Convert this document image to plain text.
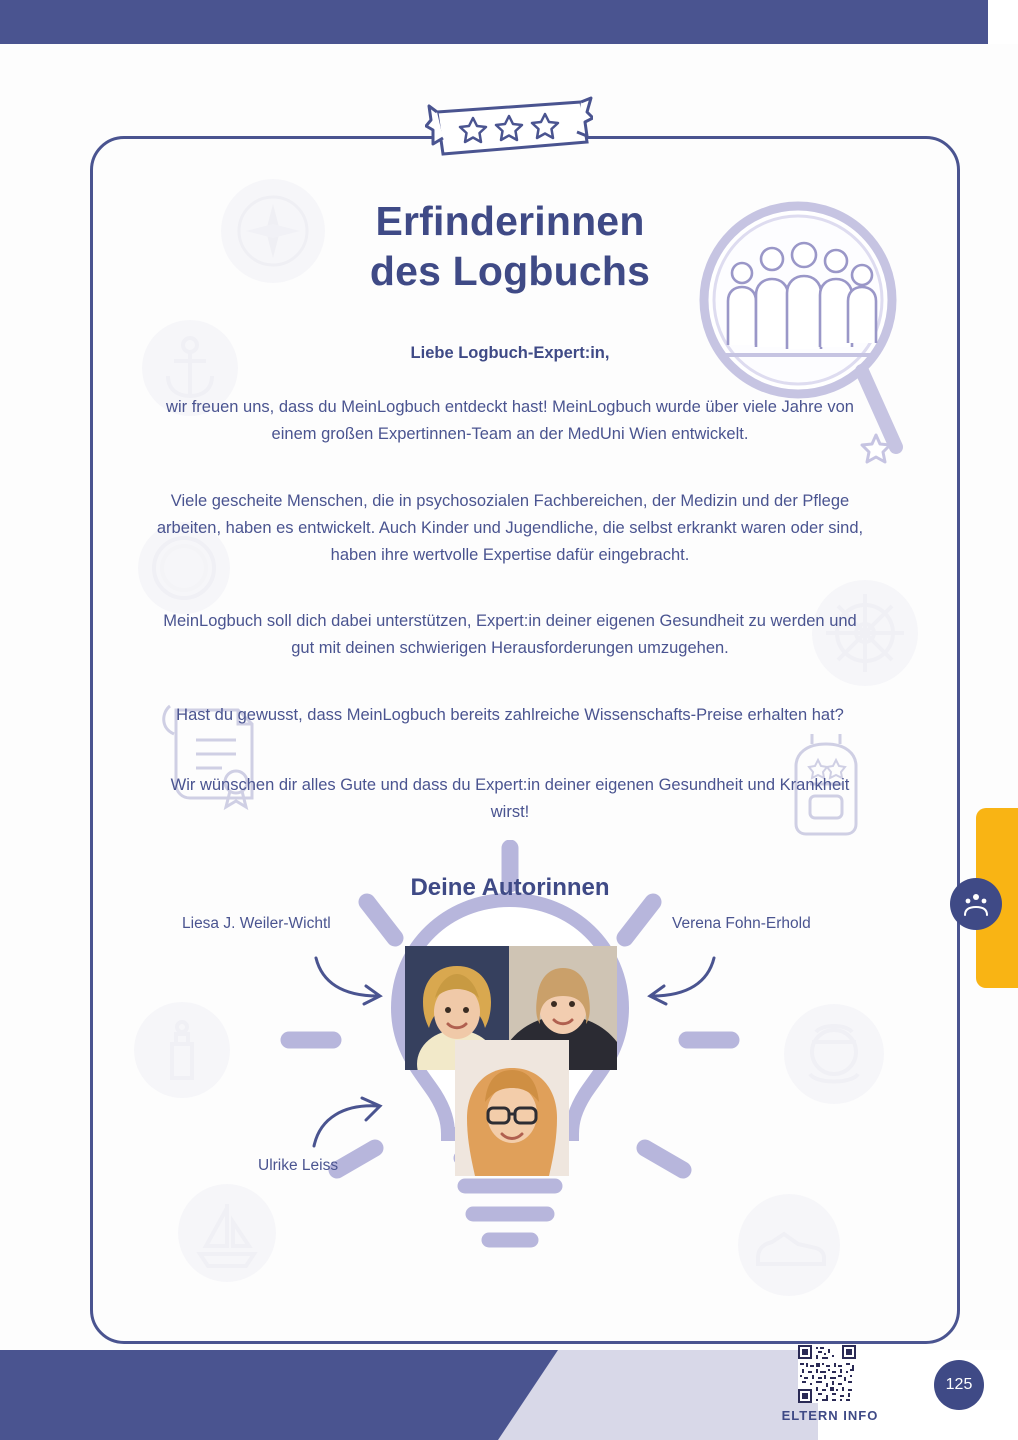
Erfinderinnen
des Logbuchs
Liebe Logbuch-Expert:in,
wir freuen uns, dass du MeinLogbuch entdeckt hast! MeinLogbuch wurde über viele Jahre von einem großen Expertinnen-Team an der MedUni Wien entwickelt.
Viele gescheite Menschen, die in psychosozialen Fachbereichen, der Medizin und der Pflege arbeiten, haben es entwickelt. Auch Kinder und Jugendliche, die selbst erkrankt waren oder sind, haben ihre wertvolle Expertise dafür eingebracht.
MeinLogbuch soll dich dabei unterstützen, Expert:in deiner eigenen Gesundheit zu werden und gut mit deinen schwierigen Herausforderungen umzugehen.
Hast du gewusst, dass MeinLogbuch bereits zahlreiche Wissenschafts-Preise erhalten hat?
Wir wünschen dir alles Gute und dass du Expert:in deiner eigenen Gesundheit und Krankheit wirst!
Deine Autorinnen
Liesa J. Weiler-Wichtl	Verena Fohn-Erhold
Ulrike Leiss
ELTERN INFO
125
